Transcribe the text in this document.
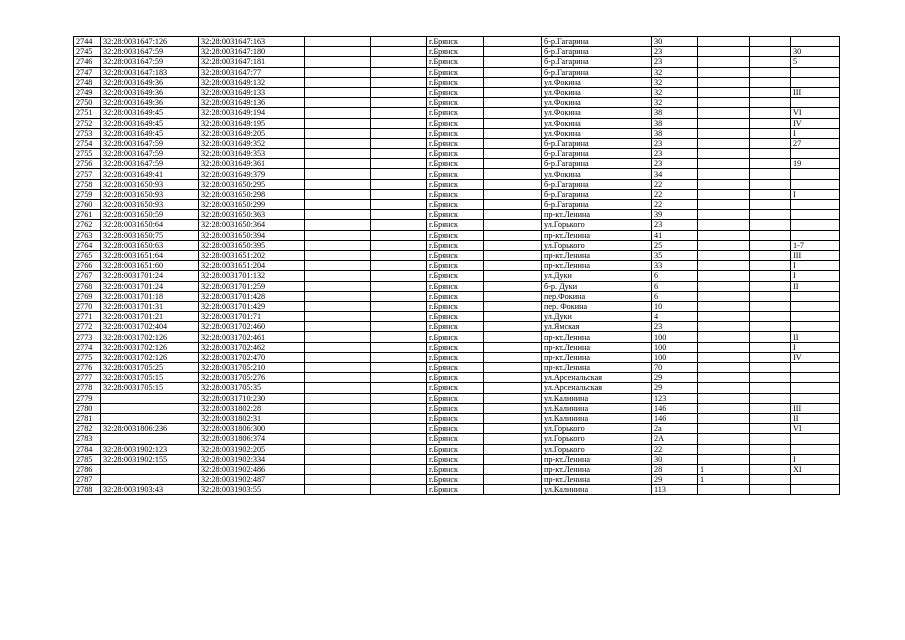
2744	32:28:0031647:126	32:28:0031647:163			г.Брянск		б-р.Гагарина	30			
2745	32:28:0031647:59	32:28:0031647:180			г.Брянск		б-р.Гагарина	23			30
2746	32:28:0031647:59	32:28:0031647:181			г.Брянск		б-р.Гагарина	23			5
2747	32:28:0031647:183	32:28:0031647:77			г.Брянск		б-р.Гагарина	32			
2748	32:28:0031649:36	32:28:0031649:132			г.Брянск		ул.Фокина	32			
2749	32:28:0031649:36	32:28:0031649:133			г.Брянск		ул.Фокина	32			III
2750	32:28:0031649:36	32:28:0031649:136			г.Брянск		ул.Фокина	32			
2751	32:28:0031649:45	32:28:0031649:194			г.Брянск		ул.Фокина	38			VI
2752	32:28:0031649:45	32:28:0031649:195			г.Брянск		ул.Фокина	38			IV
2753	32:28:0031649:45	32:28:0031649:205			г.Брянск		ул.Фокина	38			I
2754	32:28:0031647:59	32:28:0031649:352			г.Брянск		б-р.Гагарина	23			27
2755	32:28:0031647:59	32:28:0031649:353			г.Брянск		б-р.Гагарина	23			
2756	32:28:0031647:59	32:28:0031649:361			г.Брянск		б-р.Гагарина	23			19
2757	32:28:0031649:41	32:28:0031649:379			г.Брянск		ул.Фокина	34			
2758	32:28:0031650:93	32:28:0031650:295			г.Брянск		б-р.Гагарина	22			
2759	32:28:0031650:93	32:28:0031650:298			г.Брянск		б-р.Гагарина	22			I
2760	32:28:0031650:93	32:28:0031650:299			г.Брянск		б-р.Гагарина	22			
2761	32:28:0031650:59	32:28:0031650:363			г.Брянск		пр-кт.Ленина	39			
2762	32:28:0031650:64	32:28:0031650:364			г.Брянск		ул.Горького	23			
2763	32:28:0031650:75	32:28:0031650:394			г.Брянск		пр-кт.Ленина	41			
2764	32:28:0031650:63	32:28:0031650:395			г.Брянск		ул.Горького	25			1-7
2765	32:28:0031651:64	32:28:0031651:202			г.Брянск		пр-кт.Ленина	35			III
2766	32:28:0031651:60	32:28:0031651:204			г.Брянск		пр-кт.Ленина	33			I
2767	32:28:0031701:24	32:28:0031701:132			г.Брянск		ул.Дуки	6			I
2768	32:28:0031701:24	32:28:0031701:259			г.Брянск		б-р. Дуки	6			II
2769	32:28:0031701:18	32:28:0031701:428			г.Брянск		пер.Фокина	6			
2770	32:28:0031701:31	32:28:0031701:429			г.Брянск		пер. Фокина	10			
2771	32:28:0031701:21	32:28:0031701:71			г.Брянск		ул.Дуки	4			
2772	32:28:0031702:404	32:28:0031702:460			г.Брянск		ул.Ямская	23			
2773	32:28:0031702:126	32:28:0031702:461			г.Брянск		пр-кт.Ленина	100			II
2774	32:28:0031702:126	32:28:0031702:462			г.Брянск		пр-кт.Ленина	100			I
2775	32:28:0031702:126	32:28:0031702:470			г.Брянск		пр-кт.Ленина	100			IV
2776	32:28:0031705:25	32:28:0031705:210			г.Брянск		пр-кт.Ленина	70			
2777	32:28:0031705:15	32:28:0031705:276			г.Брянск		ул.Арсенальская	29			
2778	32:28:0031705:15	32:28:0031705:35			г.Брянск		ул.Арсенальская	29			
2779		32:28:0031710:230			г.Брянск		ул.Калинина	123			
2780		32:28:0031802:28			г.Брянск		ул.Калинина	146			III
2781		32:28:0031802:31			г.Брянск		ул.Калинина	146			II
2782	32:28:0031806:236	32:28:0031806:300			г.Брянск		ул.Горького	2а			VI
2783		32:28:0031806:374			г.Брянск		ул.Горького	2А			
2784	32:28:0031902:123	32:28:0031902:205			г.Брянск		ул.Горького	22			
2785	32:28:0031902:155	32:28:0031902:334			г.Брянск		пр-кт.Ленина	30			I
2786		32:28:0031902:486			г.Брянск		пр-кт.Ленина	28	1		XI
2787		32:28:0031902:487			г.Брянск		пр-кт.Ленина	29	1		
2788	32:28:0031903:43	32:28:0031903:55			г.Брянск		ул.Калинина	113			
